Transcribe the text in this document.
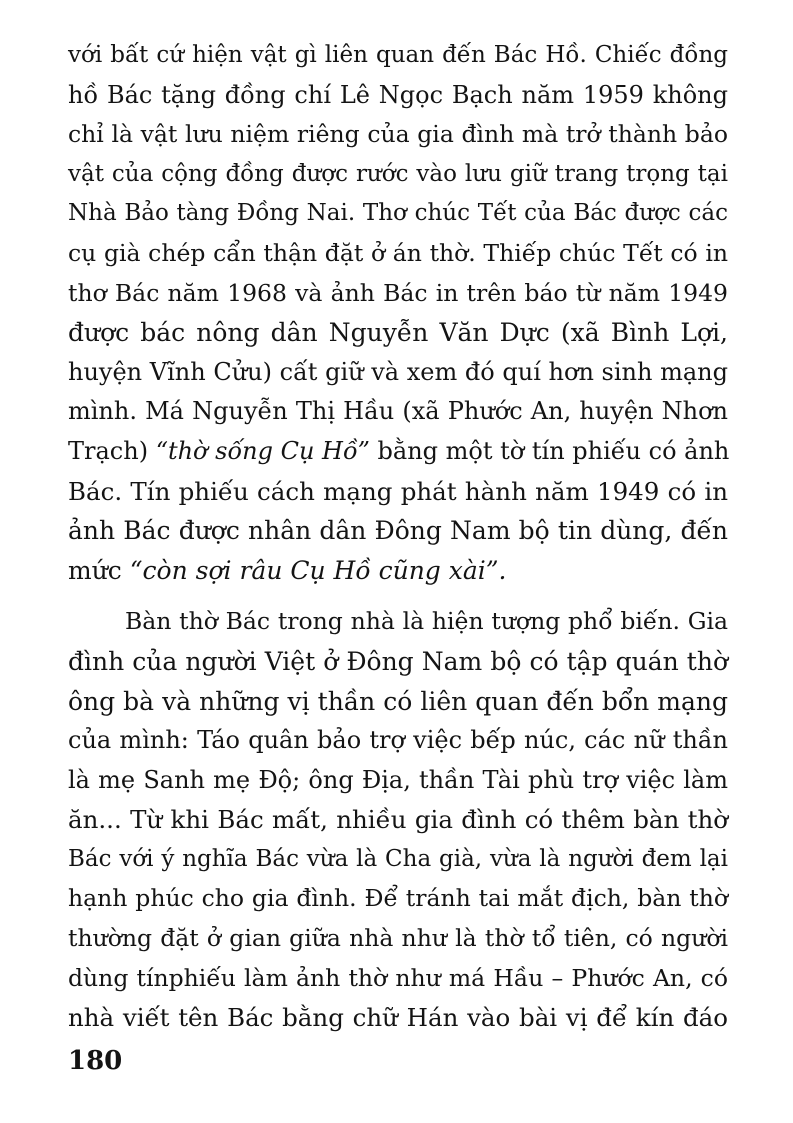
với bất cứ hiện vật gì liên quan đến Bác Hồ. Chiếc đồng
hồ Bác tặng đồng chí Lê Ngọc Bạch năm 1959 không
chỉ là vật lưu niệm riêng của gia đình mà trở thành bảo
vật của cộng đồng được rước vào lưu giữ trang trọng tại
Nhà Bảo tàng Đồng Nai. Thơ chúc Tết của Bác được các
cụ già chép cẩn thận đặt ở án thờ. Thiếp chúc Tết có in
thơ Bác năm 1968 và ảnh Bác in trên báo từ năm 1949
được bác nông dân Nguyễn Văn Dực (xã Bình Lợi,
huyện Vĩnh Cửu) cất giữ và xem đó quí hơn sinh mạng
mình. Má Nguyễn Thị Hầu (xã Phước An, huyện Nhơn
Trạch) “thờ sống Cụ Hồ” bằng một tờ tín phiếu có ảnh
Bác. Tín phiếu cách mạng phát hành năm 1949 có in
ảnh Bác được nhân dân Đông Nam bộ tin dùng, đến
mức “còn sợi râu Cụ Hồ cũng xài”.
Bàn thờ Bác trong nhà là hiện tượng phổ biến. Gia
đình của người Việt ở Đông Nam bộ có tập quán thờ
ông bà và những vị thần có liên quan đến bổn mạng
của mình: Táo quân bảo trợ việc bếp núc, các nữ thần
là mẹ Sanh mẹ Độ; ông Địa, thần Tài phù trợ việc làm
ăn... Từ khi Bác mất, nhiều gia đình có thêm bàn thờ
Bác với ý nghĩa Bác vừa là Cha già, vừa là người đem lại
hạnh phúc cho gia đình. Để tránh tai mắt địch, bàn thờ
thường đặt ở gian giữa nhà như là thờ tổ tiên, có người
dùng tínphiếu làm ảnh thờ như má Hầu – Phước An, có
nhà viết tên Bác bằng chữ Hán vào bài vị để kín đáo
180
